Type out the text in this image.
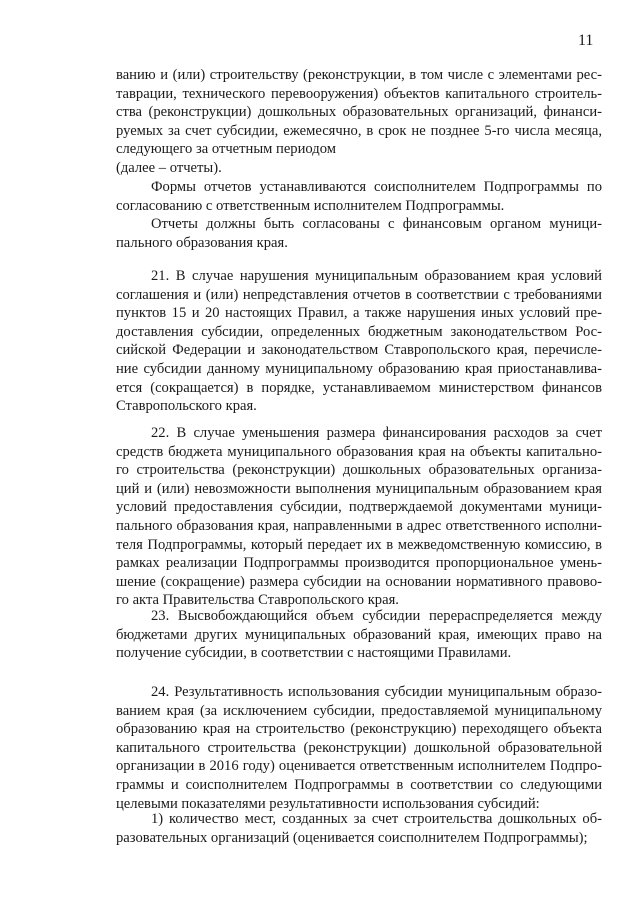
11
ванию и (или) строительству (реконструкции, в том числе с элементами рес-
таврации, технического перевооружения) объектов капитального строитель-
ства (реконструкции) дошкольных образовательных организаций, финанси-
руемых за счет субсидии, ежемесячно, в срок не позднее 5-го числа месяца,
следующего за отчетным периодом
(далее – отчеты).
Формы отчетов устанавливаются соисполнителем Подпрограммы по
согласованию с ответственным исполнителем Подпрограммы.
Отчеты должны быть согласованы с финансовым органом муници-
пального образования края.
21. В случае нарушения муниципальным образованием края условий
соглашения и (или) непредставления отчетов в соответствии с требованиями
пунктов 15 и 20 настоящих Правил, а также нарушения иных условий пре-
доставления субсидии, определенных бюджетным законодательством Рос-
сийской Федерации и законодательством Ставропольского края, перечисле-
ние субсидии данному муниципальному образованию края приостанавлива-
ется (сокращается) в порядке, устанавливаемом министерством финансов
Ставропольского края.
22. В случае уменьшения размера финансирования расходов за счет
средств бюджета муниципального образования края на объекты капитально-
го строительства (реконструкции) дошкольных образовательных организа-
ций и (или) невозможности выполнения муниципальным образованием края
условий предоставления субсидии, подтверждаемой документами муници-
пального образования края, направленными в адрес ответственного исполни-
теля Подпрограммы, который передает их в межведомственную комиссию, в
рамках реализации Подпрограммы производится пропорциональное умень-
шение (сокращение) размера субсидии на основании нормативного правово-
го акта Правительства Ставропольского края.
23. Высвобождающийся объем субсидии перераспределяется между
бюджетами других муниципальных образований края, имеющих право на
получение субсидии, в соответствии с настоящими Правилами.
24. Результативность использования субсидии муниципальным образо-
ванием края (за исключением субсидии, предоставляемой муниципальному
образованию края на строительство (реконструкцию) переходящего объекта
капитального строительства (реконструкции) дошкольной образовательной
организации в 2016 году) оценивается ответственным исполнителем Подпро-
граммы и соисполнителем Подпрограммы в соответствии со следующими
целевыми показателями результативности использования субсидий:
1) количество мест, созданных за счет строительства дошкольных об-
разовательных организаций (оценивается соисполнителем Подпрограммы);
